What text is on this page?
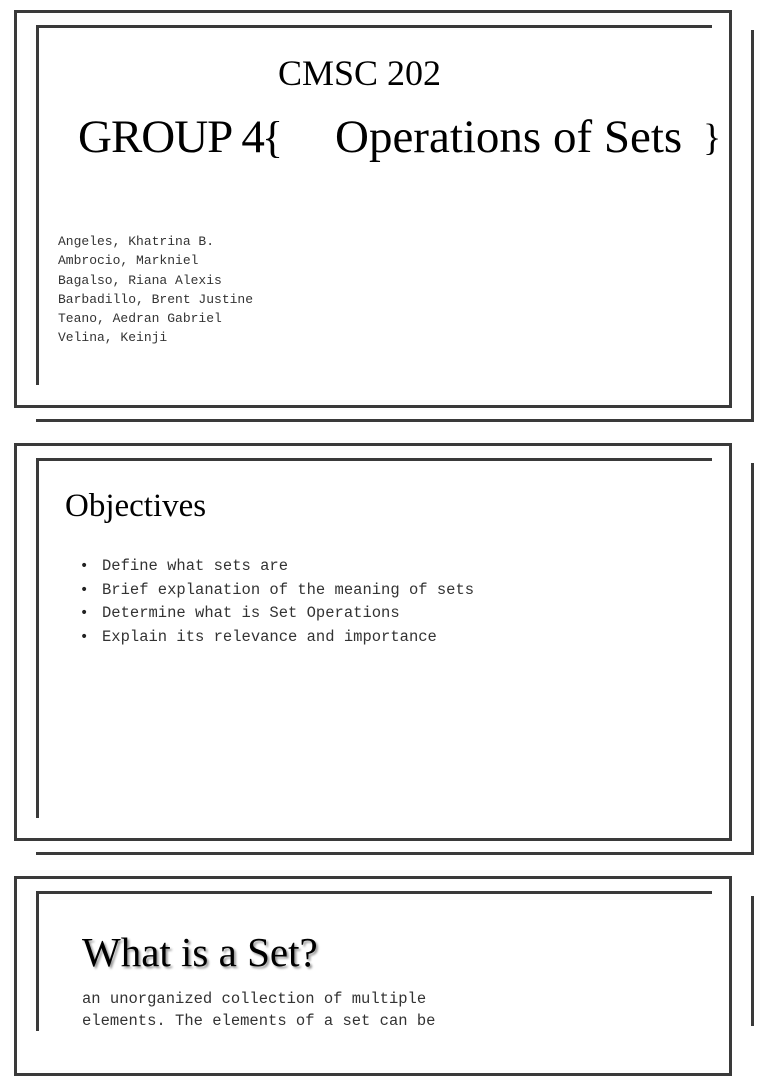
CMSC 202
GROUP 4
{ Operations of Sets }
Angeles, Khatrina B.
Ambrocio, Markniel
Bagalso, Riana Alexis
Barbadillo, Brent Justine
Teano, Aedran Gabriel
Velina, Keinji
Objectives
• Define what sets are
• Brief explanation of the meaning of sets
• Determine what is Set Operations
• Explain its relevance and importance
What is a Set?
an unorganized collection of multiple
elements. The elements of a set can be
